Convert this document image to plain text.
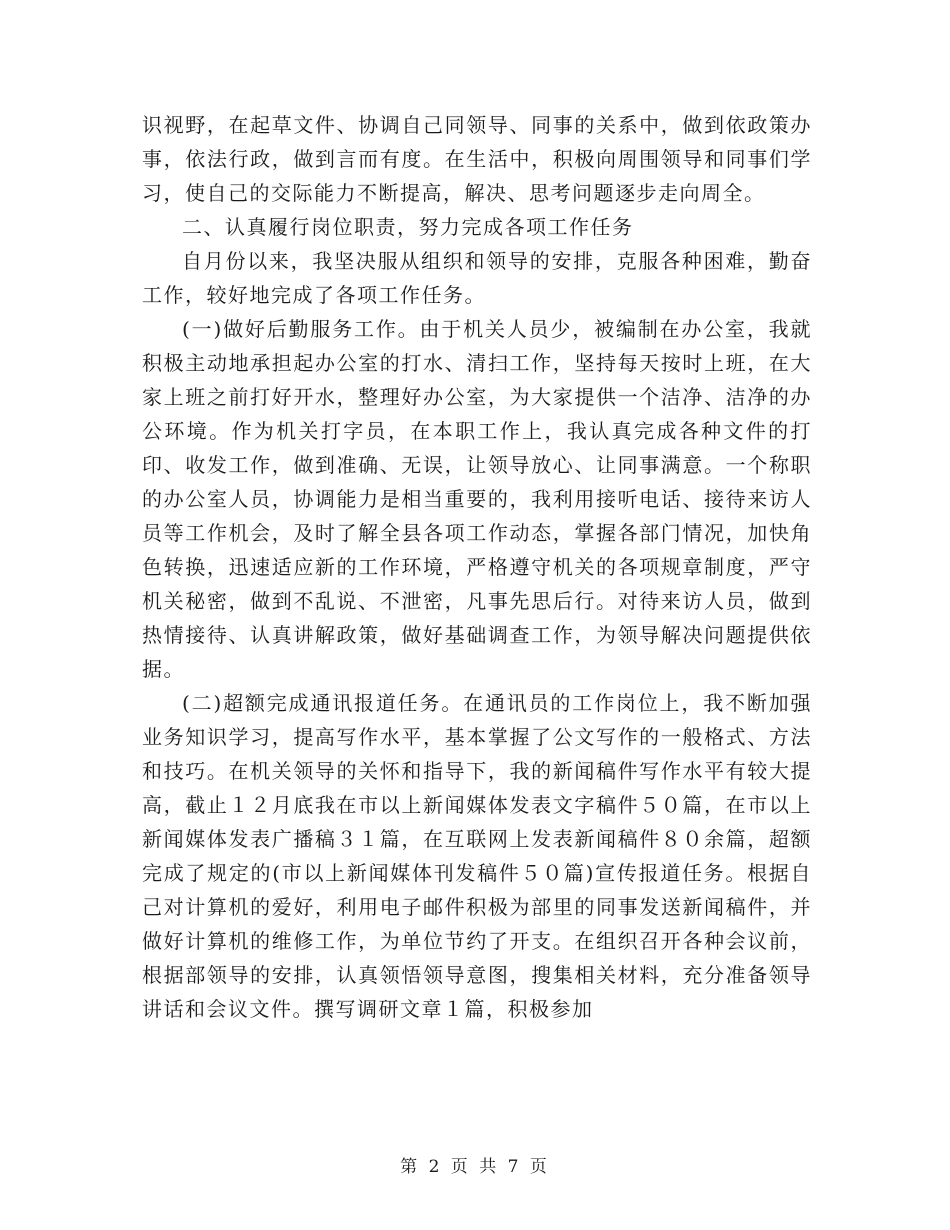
识视野，在起草文件、协调自己同领导、同事的关系中，做到依政策办事，依法行政，做到言而有度。在生活中，积极向周围领导和同事们学习，使自己的交际能力不断提高，解决、思考问题逐步走向周全。

二、认真履行岗位职责，努力完成各项工作任务

自月份以来，我坚决服从组织和领导的安排，克服各种困难，勤奋工作，较好地完成了各项工作任务。

(一)做好后勤服务工作。由于机关人员少，被编制在办公室，我就积极主动地承担起办公室的打水、清扫工作，坚持每天按时上班，在大家上班之前打好开水，整理好办公室，为大家提供一个洁净、洁净的办公环境。作为机关打字员，在本职工作上，我认真完成各种文件的打印、收发工作，做到准确、无误，让领导放心、让同事满意。一个称职的办公室人员，协调能力是相当重要的，我利用接听电话、接待来访人员等工作机会，及时了解全县各项工作动态，掌握各部门情况，加快角色转换，迅速适应新的工作环境，严格遵守机关的各项规章制度，严守机关秘密，做到不乱说、不泄密，凡事先思后行。对待来访人员，做到热情接待、认真讲解政策，做好基础调查工作，为领导解决问题提供依据。

(二)超额完成通讯报道任务。在通讯员的工作岗位上，我不断加强业务知识学习，提高写作水平，基本掌握了公文写作的一般格式、方法和技巧。在机关领导的关怀和指导下，我的新闻稿件写作水平有较大提高，截止１２月底我在市以上新闻媒体发表文字稿件５０篇，在市以上新闻媒体发表广播稿３１篇，在互联网上发表新闻稿件８０余篇，超额完成了规定的(市以上新闻媒体刊发稿件５０篇)宣传报道任务。根据自己对计算机的爱好，利用电子邮件积极为部里的同事发送新闻稿件，并做好计算机的维修工作，为单位节约了开支。在组织召开各种会议前，根据部领导的安排，认真领悟领导意图，搜集相关材料，充分准备领导讲话和会议文件。撰写调研文章１篇，积极参加

第 2 页 共 7 页
